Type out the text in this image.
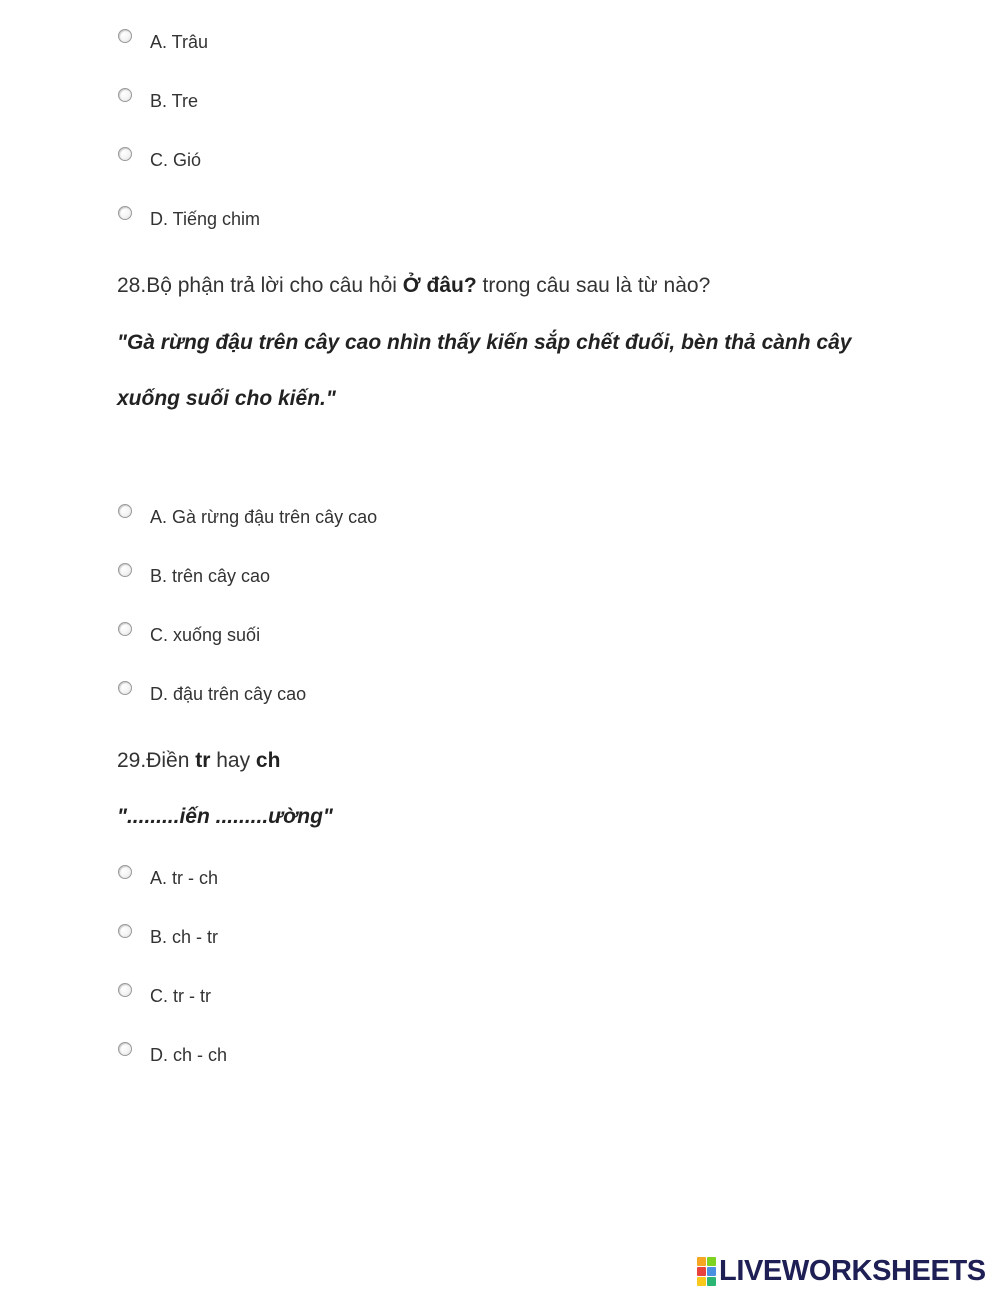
A. Trâu
B. Tre
C. Gió
D. Tiếng chim
28.Bộ phận trả lời cho câu hỏi Ở đâu? trong câu sau là từ nào?
"Gà rừng đậu trên cây cao nhìn thấy kiến sắp chết đuối, bèn thả cành cây
xuống suối cho kiến."
A. Gà rừng đậu trên cây cao
B. trên cây cao
C. xuống suối
D. đậu trên cây cao
29.Điền tr hay ch
".........iến .........ường"
A. tr - ch
B. ch - tr
C. tr - tr
D. ch - ch
LIVEWORKSHEETS
